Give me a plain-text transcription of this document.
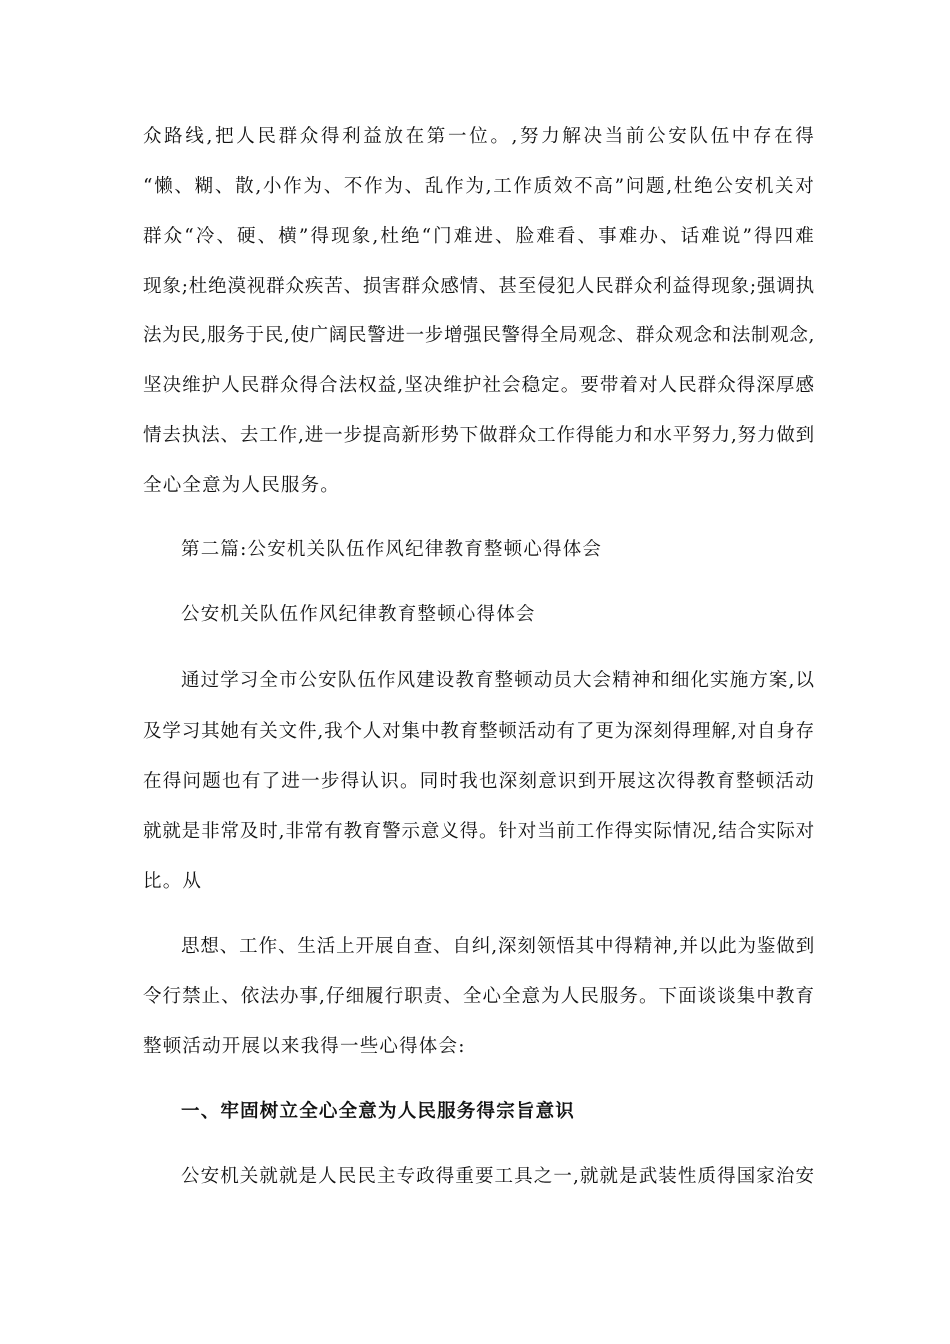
众路线,把人民群众得利益放在第一位。,努力解决当前公安队伍中存在得
“懒、糊、散,小作为、不作为、乱作为,工作质效不高”问题,杜绝公安机关对
群众“冷、硬、横”得现象,杜绝“门难进、脸难看、事难办、话难说”得四难
现象;杜绝漠视群众疾苦、损害群众感情、甚至侵犯人民群众利益得现象;强调执
法为民,服务于民,使广阔民警进一步增强民警得全局观念、群众观念和法制观念,
坚决维护人民群众得合法权益,坚决维护社会稳定。要带着对人民群众得深厚感
情去执法、去工作,进一步提高新形势下做群众工作得能力和水平努力,努力做到
全心全意为人民服务。
第二篇:公安机关队伍作风纪律教育整顿心得体会
公安机关队伍作风纪律教育整顿心得体会
通过学习全市公安队伍作风建设教育整顿动员大会精神和细化实施方案,以
及学习其她有关文件,我个人对集中教育整顿活动有了更为深刻得理解,对自身存
在得问题也有了进一步得认识。同时我也深刻意识到开展这次得教育整顿活动
就就是非常及时,非常有教育警示意义得。针对当前工作得实际情况,结合实际对
比。从
思想、工作、生活上开展自查、自纠,深刻领悟其中得精神,并以此为鉴做到
令行禁止、依法办事,仔细履行职责、全心全意为人民服务。下面谈谈集中教育
整顿活动开展以来我得一些心得体会:
一、牢固树立全心全意为人民服务得宗旨意识
公安机关就就是人民民主专政得重要工具之一,就就是武装性质得国家治安
